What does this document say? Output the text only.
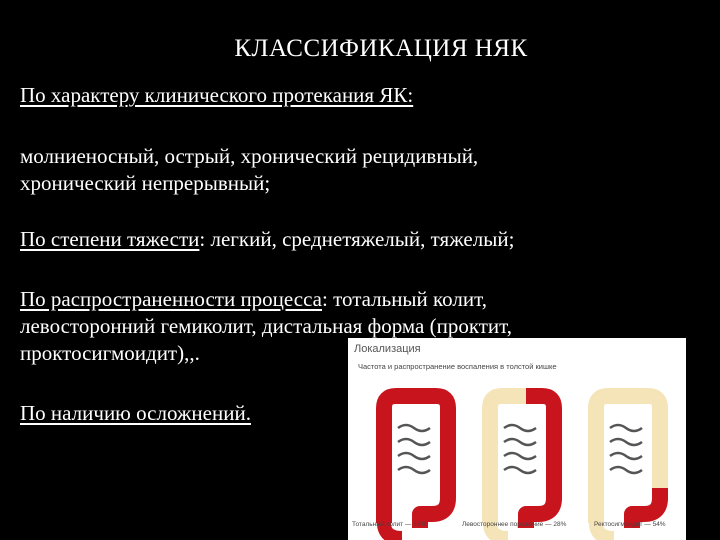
КЛАССИФИКАЦИЯ НЯК
По характеру клинического протекания ЯК:
молниеносный, острый, хронический рецидивный,
хронический непрерывный;
По степени тяжести: легкий, среднетяжелый, тяжелый;
По распространенности процесса: тотальный колит,
левосторонний гемиколит, дистальная форма (проктит,
проктосигмоидит),,.
По наличию осложнений.
Локализация
Частота и распространение воспаления в толстой кишке
Тотальный колит — 18%	Левостороннее поражение — 28%	Ректосигмоидит — 54%
